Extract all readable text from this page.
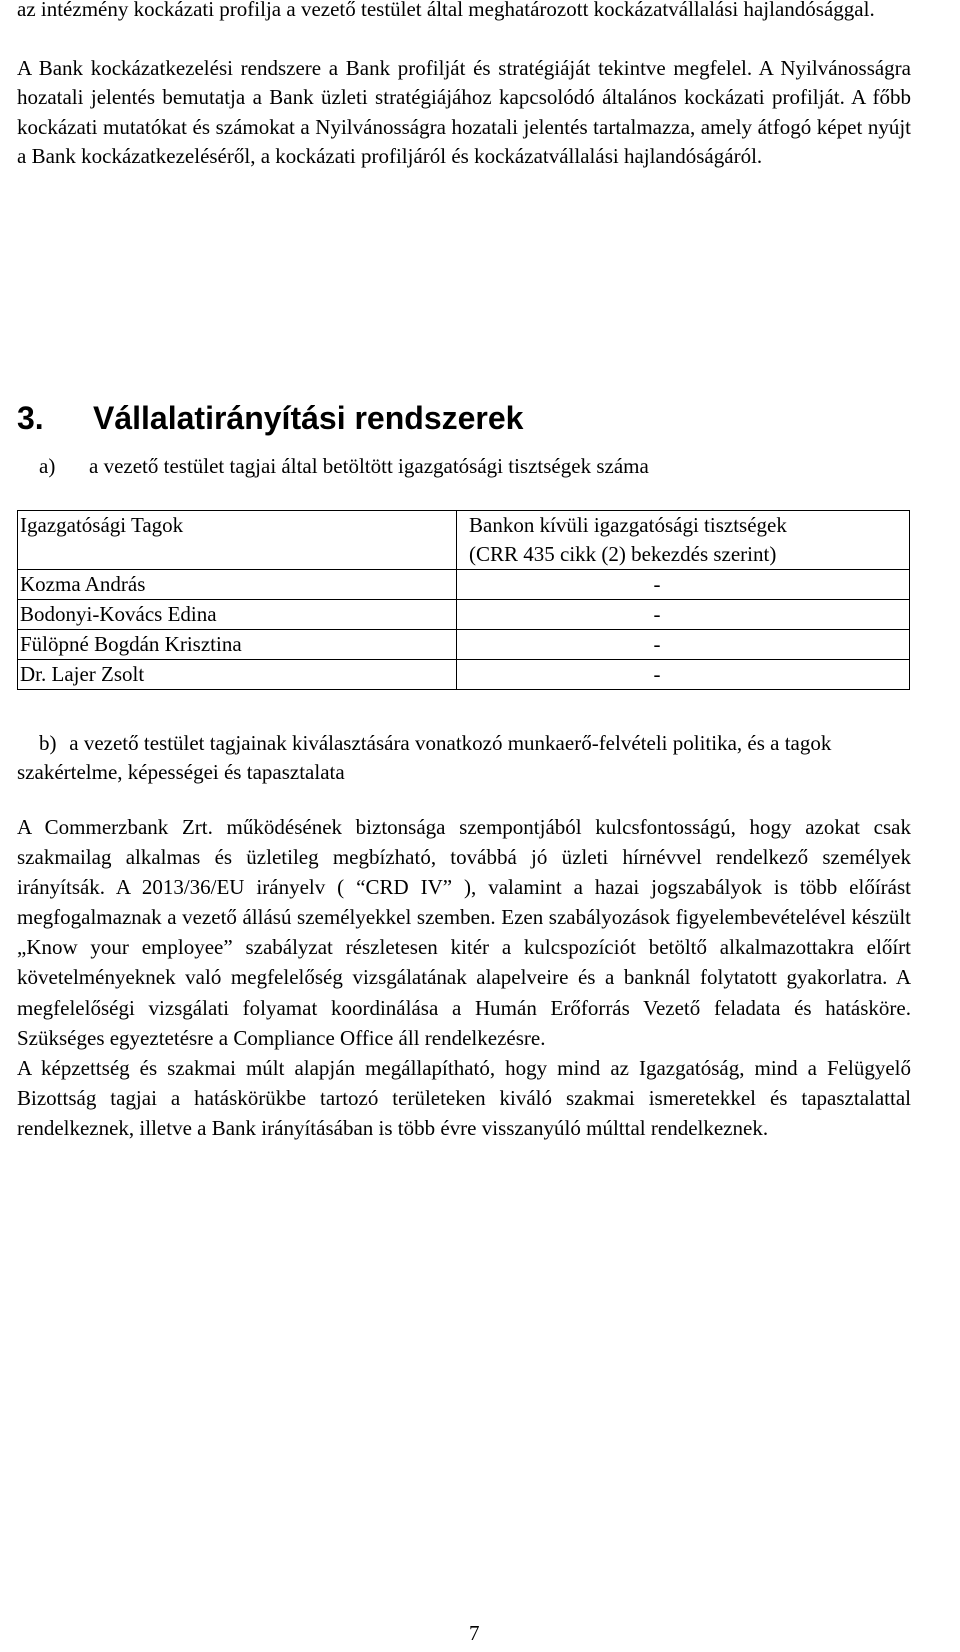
az intézmény kockázati profilja a vezető testület által meghatározott kockázatvállalási hajlandósággal.

A Bank kockázatkezelési rendszere a Bank profilját és stratégiáját tekintve megfelel. A Nyilvánosságra hozatali jelentés bemutatja a Bank üzleti stratégiájához kapcsolódó általános kockázati profilját. A főbb kockázati mutatókat és számokat a Nyilvánosságra hozatali jelentés tartalmazza, amely átfogó képet nyújt a Bank kockázatkezeléséről, a kockázati profiljáról és kockázatvállalási hajlandóságáról.

3. Vállalatirányítási rendszerek

a) a vezető testület tagjai által betöltött igazgatósági tisztségek száma

Igazgatósági Tagok	Bankon kívüli igazgatósági tisztségek
(CRR 435 cikk (2) bekezdés szerint)
Kozma András	-
Bodonyi-Kovács Edina	-
Fülöpné Bogdán Krisztina	-
Dr. Lajer Zsolt	-

b) a vezető testület tagjainak kiválasztására vonatkozó munkaerő-felvételi politika, és a tagok szakértelme, képességei és tapasztalata

A Commerzbank Zrt. működésének biztonsága szempontjából kulcsfontosságú, hogy azokat csak szakmailag alkalmas és üzletileg megbízható, továbbá jó üzleti hírnévvel rendelkező személyek irányítsák. A 2013/36/EU irányelv ( “CRD IV” ), valamint a hazai jogszabályok is több előírást megfogalmaznak a vezető állású személyekkel szemben. Ezen szabályozások figyelembevételével készült „Know your employee” szabályzat részletesen kitér a kulcspozíciót betöltő alkalmazottakra előírt követelményeknek való megfelelőség vizsgálatának alapelveire és a banknál folytatott gyakorlatra. A megfelelőségi vizsgálati folyamat koordinálása a Humán Erőforrás Vezető feladata és hatásköre. Szükséges egyeztetésre a Compliance Office áll rendelkezésre.

A képzettség és szakmai múlt alapján megállapítható, hogy mind az Igazgatóság, mind a Felügyelő Bizottság tagjai a hatáskörükbe tartozó területeken kiváló szakmai ismeretekkel és tapasztalattal rendelkeznek, illetve a Bank irányításában is több évre visszanyúló múlttal rendelkeznek.

7
